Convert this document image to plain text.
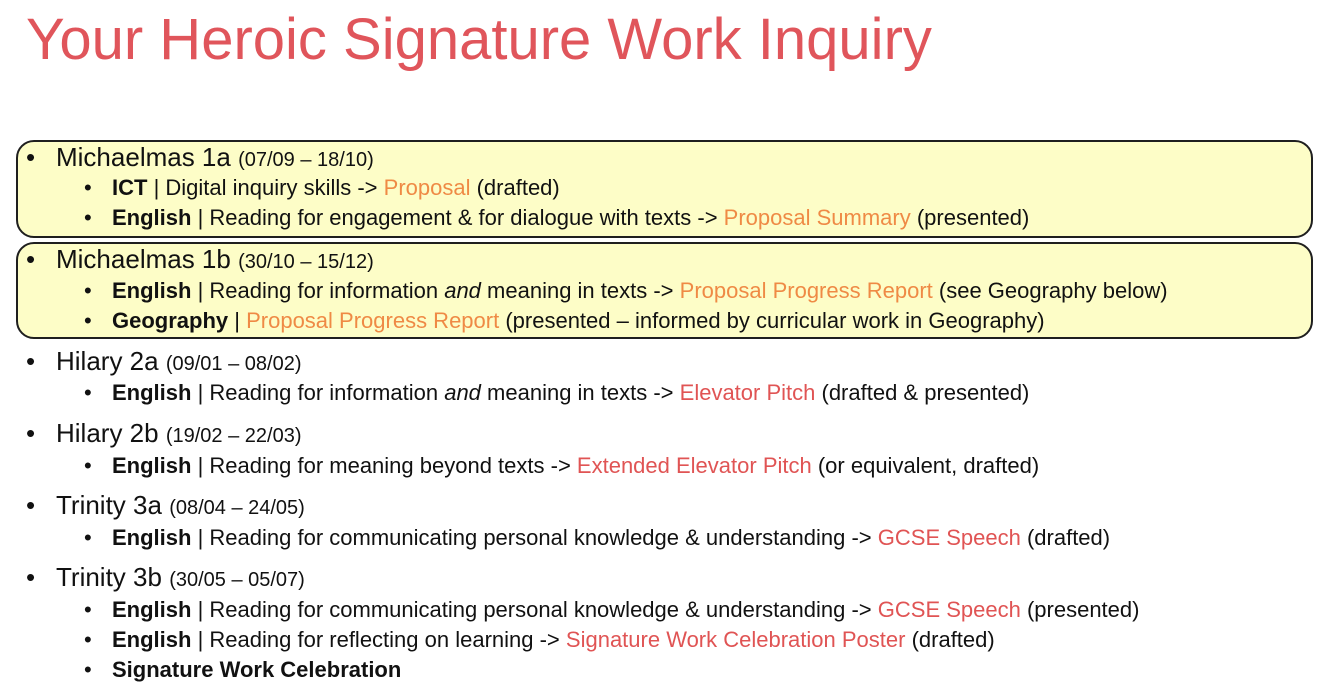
Your Heroic Signature Work Inquiry
• Michaelmas 1a (07/09 – 18/10)
• ICT | Digital inquiry skills -> Proposal (drafted)
• English | Reading for engagement & for dialogue with texts -> Proposal Summary (presented)
• Michaelmas 1b (30/10 – 15/12)
• English | Reading for information and meaning in texts -> Proposal Progress Report (see Geography below)
• Geography | Proposal Progress Report (presented – informed by curricular work in Geography)
• Hilary 2a (09/01 – 08/02)
• English | Reading for information and meaning in texts -> Elevator Pitch (drafted & presented)
• Hilary 2b (19/02 – 22/03)
• English | Reading for meaning beyond texts -> Extended Elevator Pitch (or equivalent, drafted)
• Trinity 3a (08/04 – 24/05)
• English | Reading for communicating personal knowledge & understanding -> GCSE Speech (drafted)
• Trinity 3b (30/05 – 05/07)
• English | Reading for communicating personal knowledge & understanding -> GCSE Speech (presented)
• English | Reading for reflecting on learning -> Signature Work Celebration Poster (drafted)
• Signature Work Celebration
